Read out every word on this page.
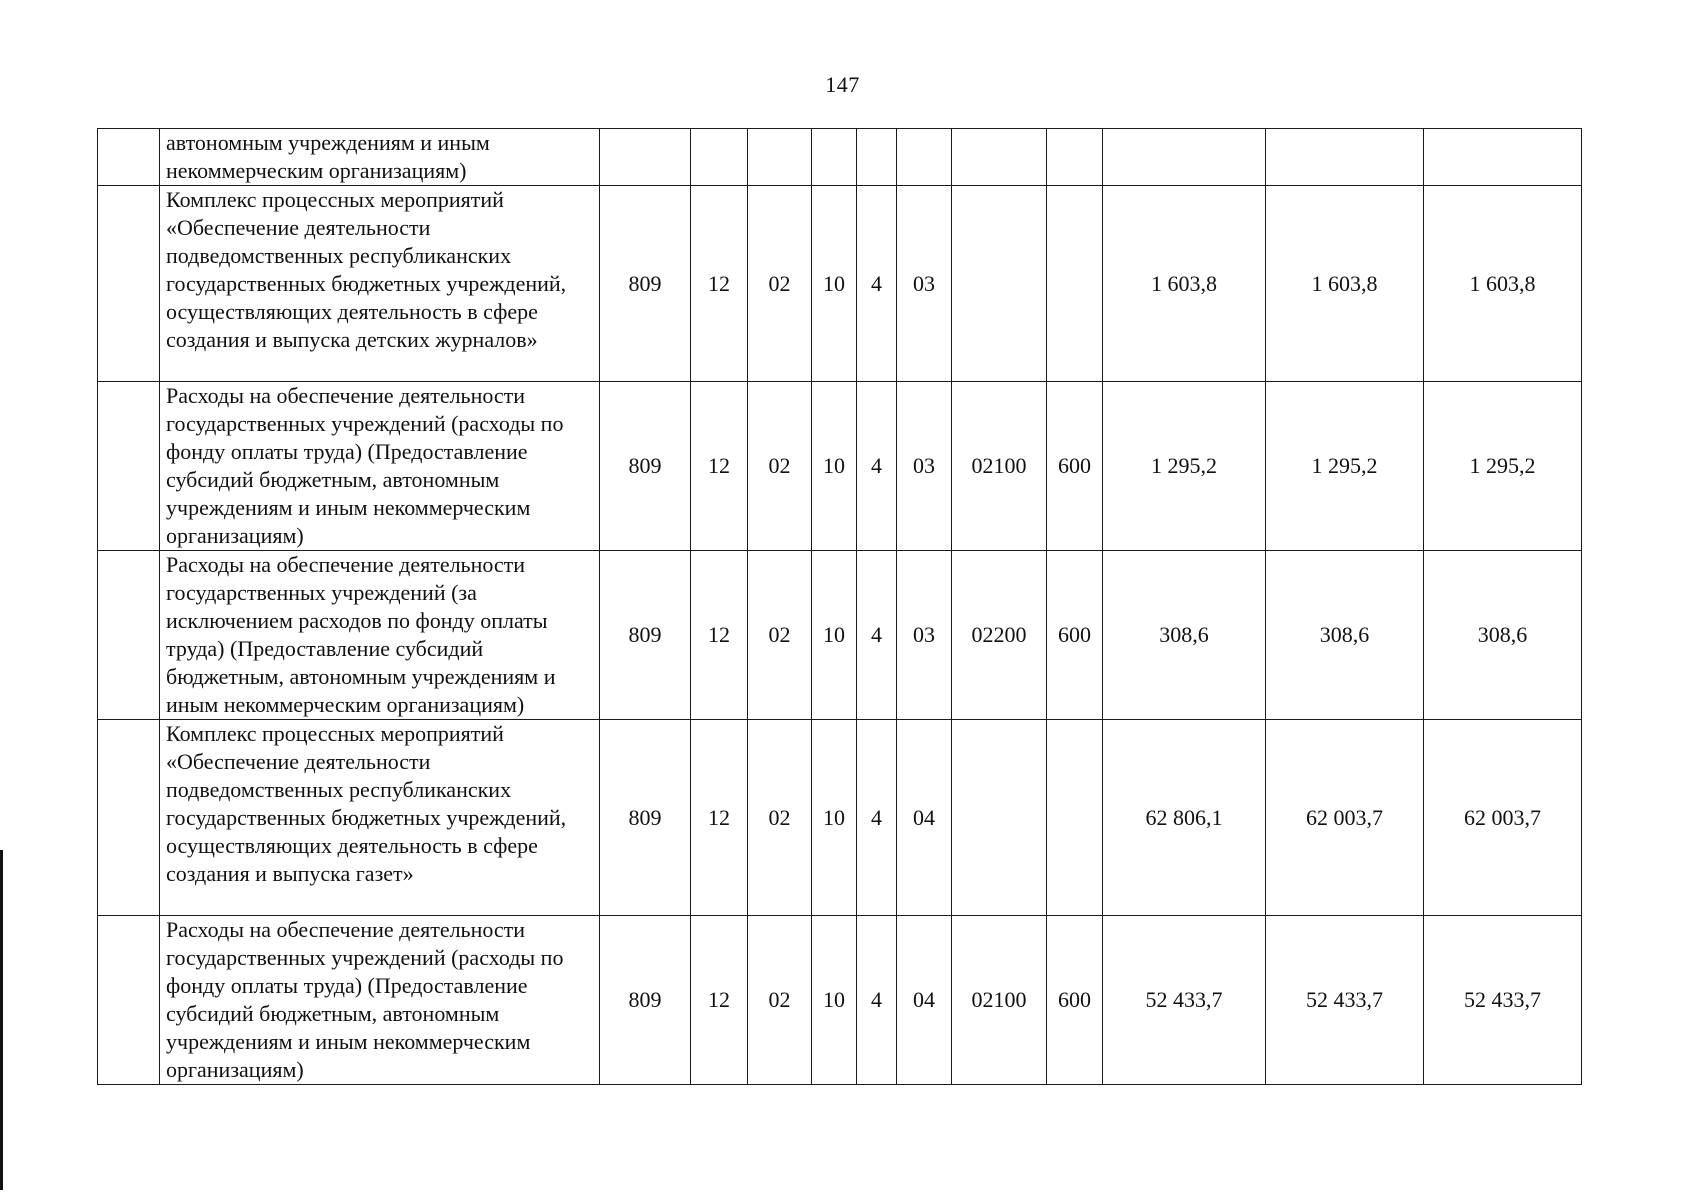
147
	автономным учреждениям и иным некоммерческим организациям)											
	Комплекс процессных мероприятий «Обеспечение деятельности подведомственных республиканских государственных бюджетных учреждений, осуществляющих деятельность в сфере создания и выпуска детских журналов»	809	12	02	10	4	03			1 603,8	1 603,8	1 603,8
	Расходы на обеспечение деятельности государственных учреждений (расходы по фонду оплаты труда) (Предоставление субсидий бюджетным, автономным учреждениям и иным некоммерческим организациям)	809	12	02	10	4	03	02100	600	1 295,2	1 295,2	1 295,2
	Расходы на обеспечение деятельности государственных учреждений (за исключением расходов по фонду оплаты труда) (Предоставление субсидий бюджетным, автономным учреждениям и иным некоммерческим организациям)	809	12	02	10	4	03	02200	600	308,6	308,6	308,6
	Комплекс процессных мероприятий «Обеспечение деятельности подведомственных республиканских государственных бюджетных учреждений, осуществляющих деятельность в сфере создания и выпуска газет»	809	12	02	10	4	04			62 806,1	62 003,7	62 003,7
	Расходы на обеспечение деятельности государственных учреждений (расходы по фонду оплаты труда) (Предоставление субсидий бюджетным, автономным учреждениям и иным некоммерческим организациям)	809	12	02	10	4	04	02100	600	52 433,7	52 433,7	52 433,7
